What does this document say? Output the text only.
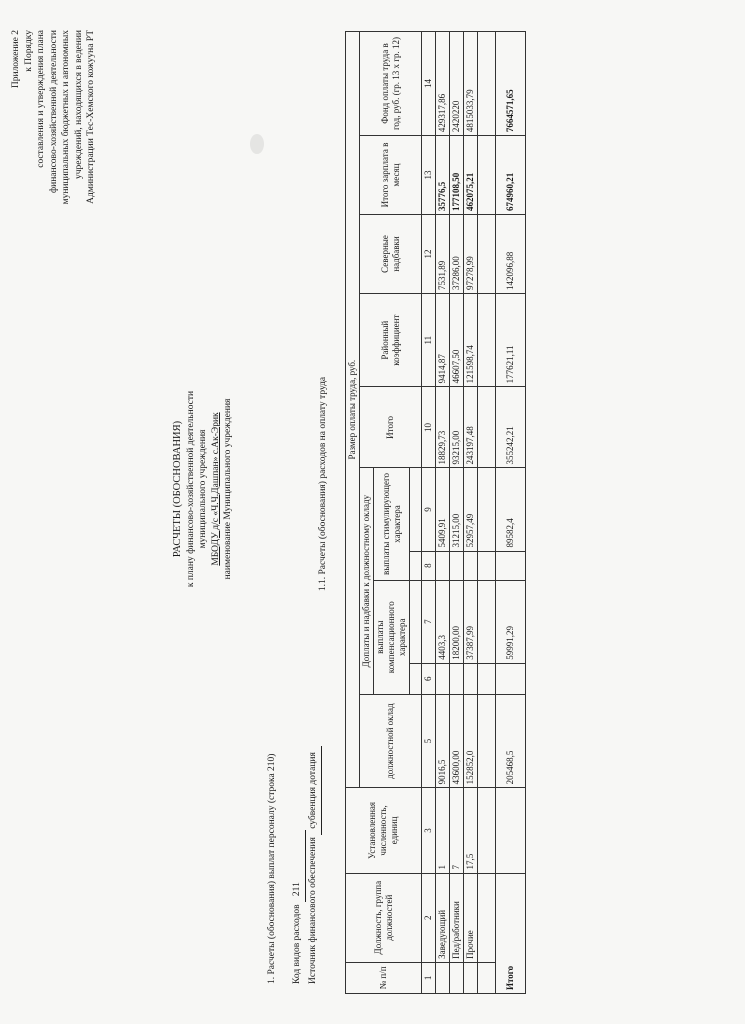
Приложение 2 к Порядку составления и утверждения плана финансово-хозяйственной деятельности муниципальных бюджетных и автономных учреждений, находящихся в ведении Администрации Тес-Хемского кожууна РТ
РАСЧЕТЫ (ОБОСНОВАНИЯ) к плану финансово-хозяйственной деятельности муниципального учреждения МБОДУ д/с «Ч.Ч.Дашпан» с.Ак-Эрик наименование Муниципального учреждения
1. Расчеты (обоснования) выплат персоналу (строка 210)	Код видов расходов 211 Источник финансового обеспечения субвенция дотация
1.1. Расчеты (обоснования) расходов на оплату труда
№ п/п	Должность, группа должностей	Установленная численность, единиц	Размер оплаты труда, руб.									
			должностной оклад	Доплаты и надбавки к должностному окладу				Итого	Районный коэффициент	Северные надбавки	Итого зарплата в месяц	Фонд оплаты труда в год, руб. (гр. 13 х гр. 12)
				выплаты компенсационного характера		выплаты стимулирующего характера						

1	2	3	5	6	7	8	9	10	11	12	13	14
	Заведующий	1	9016,5		4403,3		5409,91	18829,73	9414,87	7531,89	35776,5	429317,86
	Пед/работники	7	43600,00		18200,00		31215,00	93215,00	46607,50	37286,00	177108,50	2420220
	Прочие	17,5	152852,0		37387,99		52957,49	243197,48	121598,74	97278,99	462075,21	4815033,79

Итого			205468,5		59991,29		89582,4	355242,21	177621,11	142096,88	674960,21	7664571,65
